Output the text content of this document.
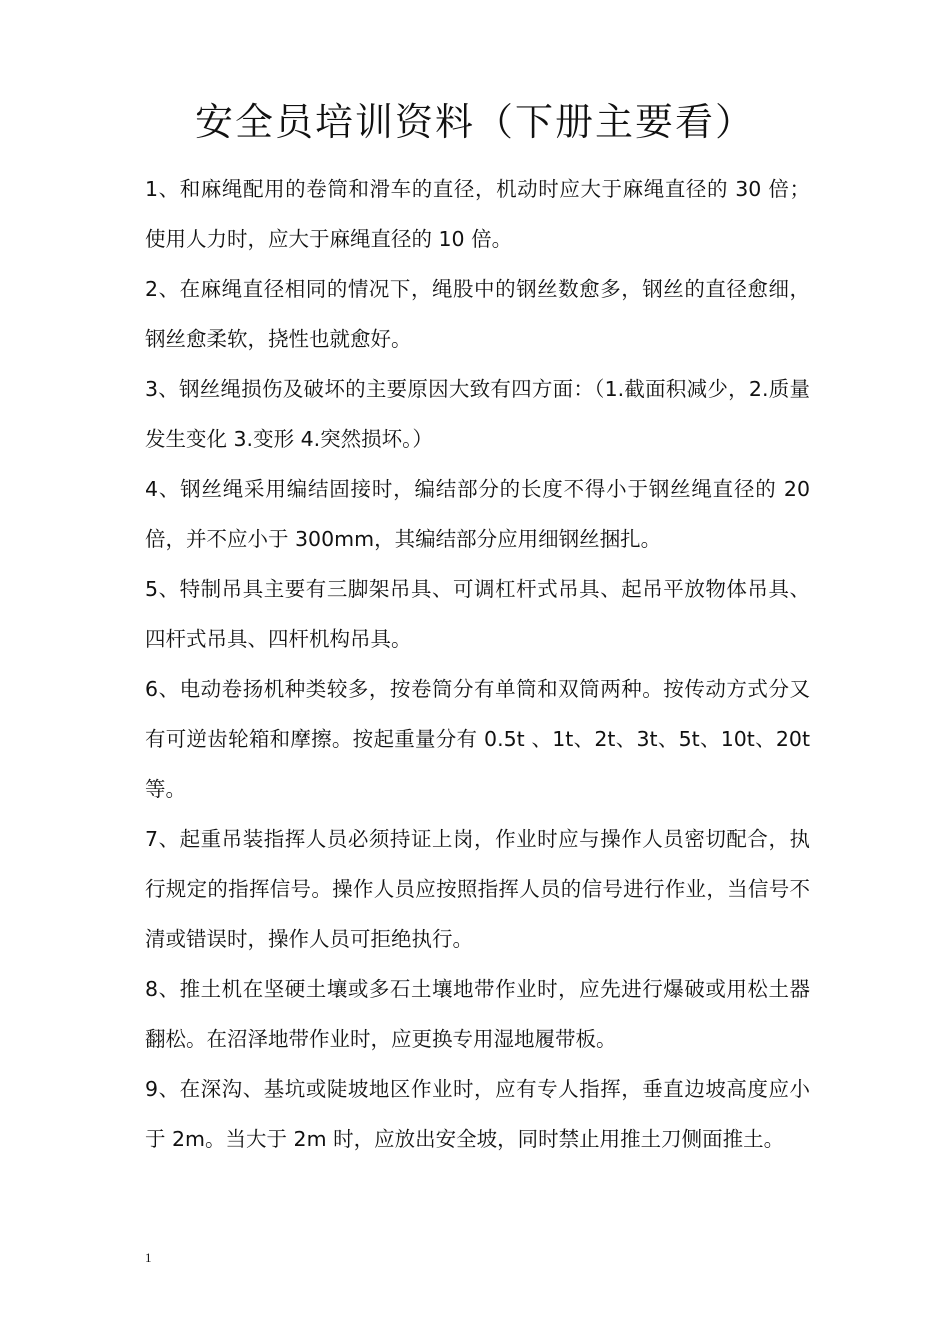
安全员培训资料（下册主要看）

1、和麻绳配用的卷筒和滑车的直径，机动时应大于麻绳直径的 30 倍；使用人力时，应大于麻绳直径的 10 倍。

2、在麻绳直径相同的情况下，绳股中的钢丝数愈多，钢丝的直径愈细，钢丝愈柔软，挠性也就愈好。

3、钢丝绳损伤及破坏的主要原因大致有四方面：（1.截面积减少，2.质量发生变化 3.变形 4.突然损坏。）

4、钢丝绳采用编结固接时，编结部分的长度不得小于钢丝绳直径的 20 倍，并不应小于 300mm，其编结部分应用细钢丝捆扎。

5、特制吊具主要有三脚架吊具、可调杠杆式吊具、起吊平放物体吊具、四杆式吊具、四杆机构吊具。

6、电动卷扬机种类较多，按卷筒分有单筒和双筒两种。按传动方式分又有可逆齿轮箱和摩擦。按起重量分有 0.5t 、1t、2t、3t、5t、10t、20t 等。

7、起重吊装指挥人员必须持证上岗，作业时应与操作人员密切配合，执行规定的指挥信号。操作人员应按照指挥人员的信号进行作业，当信号不清或错误时，操作人员可拒绝执行。

8、推土机在坚硬土壤或多石土壤地带作业时，应先进行爆破或用松土器翻松。在沼泽地带作业时，应更换专用湿地履带板。

9、在深沟、基坑或陡坡地区作业时，应有专人指挥，垂直边坡高度应小于 2m。当大于 2m 时，应放出安全坡，同时禁止用推土刀侧面推土。

1
